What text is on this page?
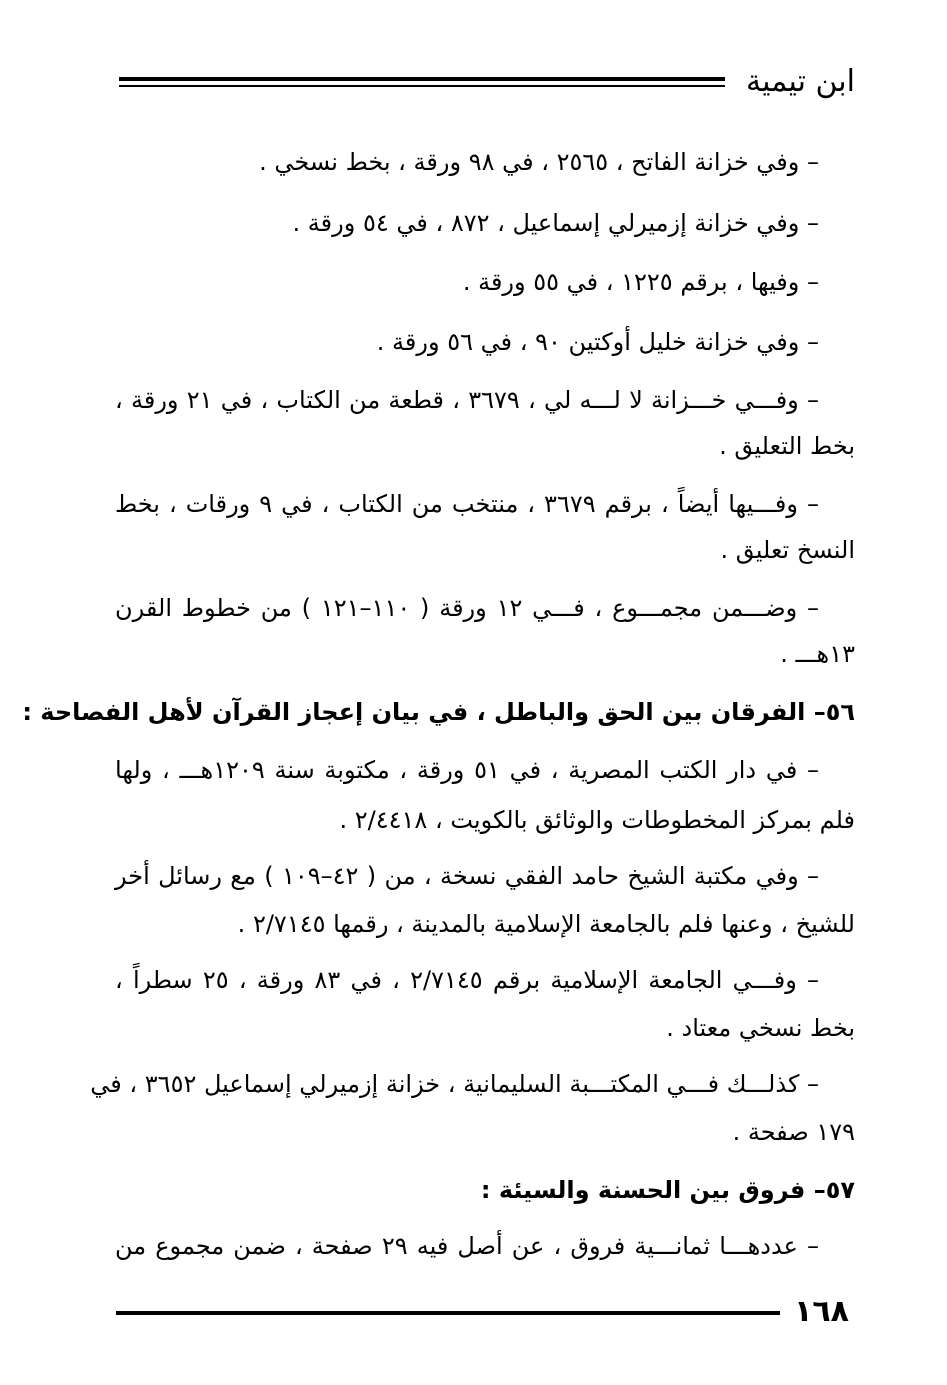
ابن تيمية
– وفي خزانة الفاتح ، ٢٥٦٥ ، في ٩٨ ورقة ، بخط نسخي .
– وفي خزانة إزميرلي إسماعيل ، ٨٧٢ ، في ٥٤ ورقة .
– وفيها ، برقم ١٢٢٥ ، في ٥٥ ورقة .
– وفي خزانة خليل أوكتين ٩٠ ، في ٥٦ ورقة .
– وفـــي خـــزانة لا لـــه لي ، ٣٦٧٩ ، قطعة من الكتاب ، في ٢١ ورقة ،
بخط التعليق .
– وفـــيها أيضاً ، برقم ٣٦٧٩ ، منتخب من الكتاب ، في ٩ ورقات ، بخط
النسخ تعليق .
– وضـــمن مجمـــوع ، فـــي ١٢ ورقة ( ١١٠–١٢١ ) من خطوط القرن
١٣هـــ .
٥٦– الفرقان بين الحق والباطل ، في بيان إعجاز القرآن لأهل الفصاحة :
– في دار الكتب المصرية ، في ٥١ ورقة ، مكتوبة سنة ١٢٠٩هـــ ، ولها
فلم بمركز المخطوطات والوثائق بالكويت ، ٢/٤٤١٨ .
– وفي مكتبة الشيخ حامد الفقي نسخة ، من ( ٤٢–١٠٩ ) مع رسائل أخر
للشيخ ، وعنها فلم بالجامعة الإسلامية بالمدينة ، رقمها ٢/٧١٤٥ .
– وفـــي الجامعة الإسلامية برقم ٢/٧١٤٥ ، في ٨٣ ورقة ، ٢٥ سطراً ،
بخط نسخي معتاد .
– كذلـــك فـــي المكتـــبة السليمانية ، خزانة إزميرلي إسماعيل ٣٦٥٢ ، في
١٧٩ صفحة .
٥٧– فروق بين الحسنة والسيئة :
– عددهـــا ثمانـــية فروق ، عن أصل فيه ٢٩ صفحة ، ضمن مجموع من
١٦٨
